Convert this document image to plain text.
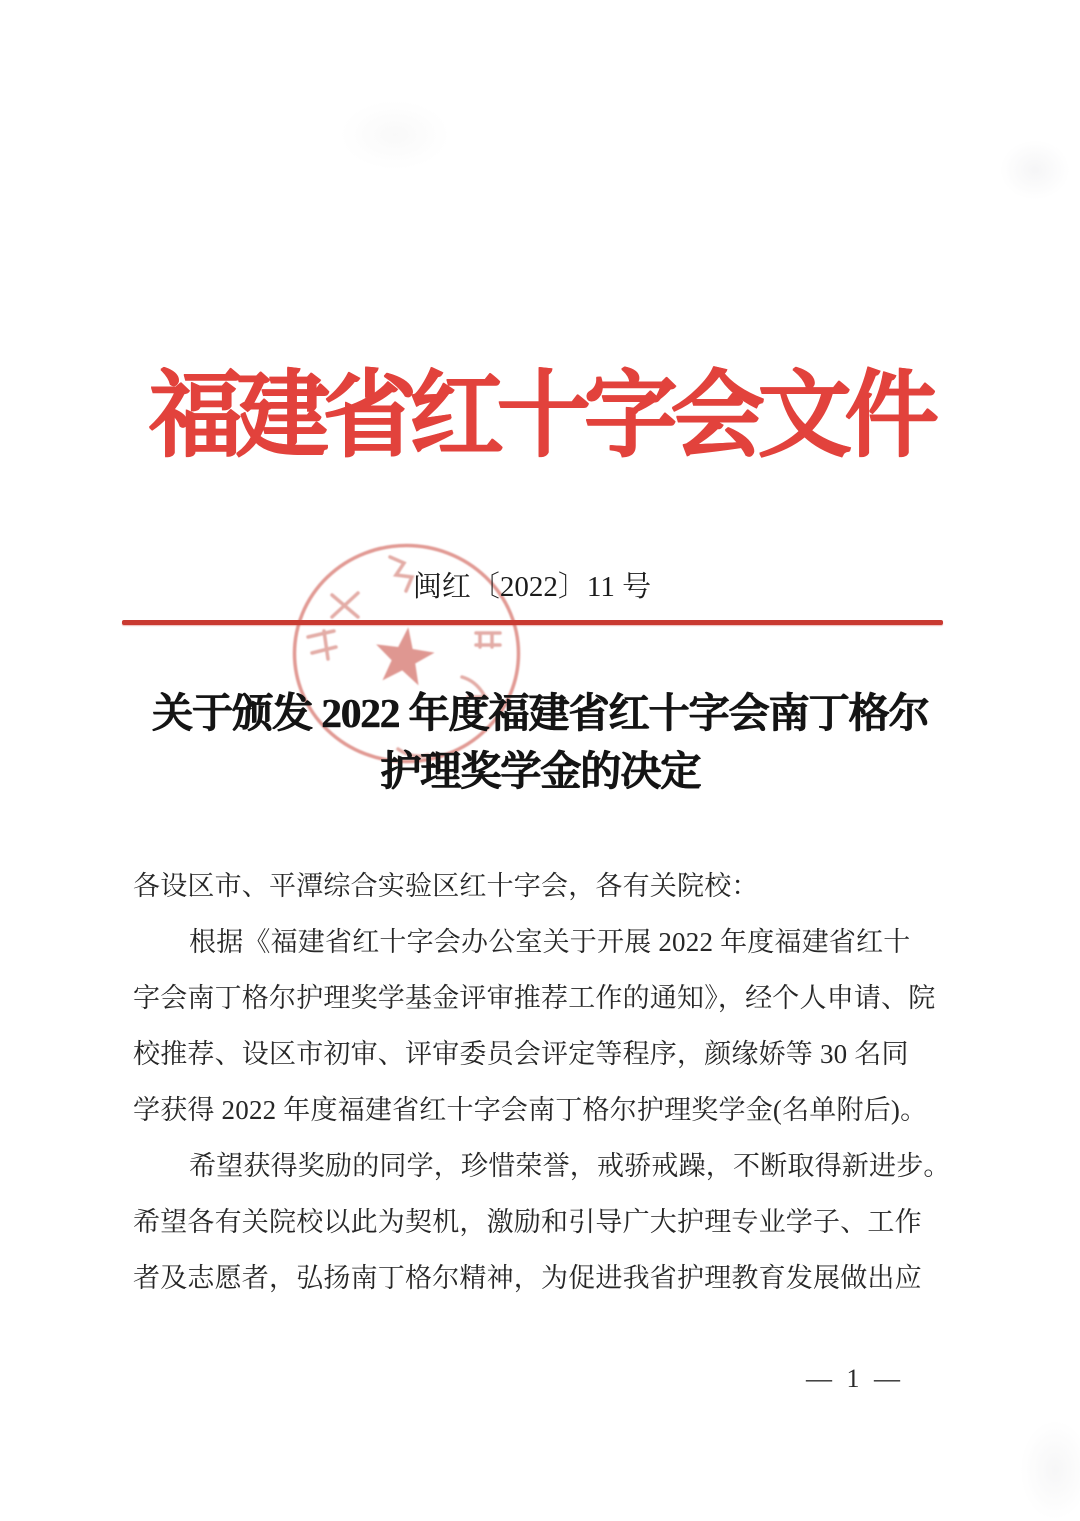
福建省红十字会文件
闽红〔2022〕11 号
关于颁发 2022 年度福建省红十字会南丁格尔
护理奖学金的决定
各设区市、平潭综合实验区红十字会，各有关院校：
根据《福建省红十字会办公室关于开展 2022 年度福建省红十
字会南丁格尔护理奖学基金评审推荐工作的通知》，经个人申请、院
校推荐、设区市初审、评审委员会评定等程序，颜缘娇等 30 名同
学获得 2022 年度福建省红十字会南丁格尔护理奖学金(名单附后)。
希望获得奖励的同学，珍惜荣誉，戒骄戒躁，不断取得新进步。
希望各有关院校以此为契机，激励和引导广大护理专业学子、工作
者及志愿者，弘扬南丁格尔精神，为促进我省护理教育发展做出应
— 1 —
